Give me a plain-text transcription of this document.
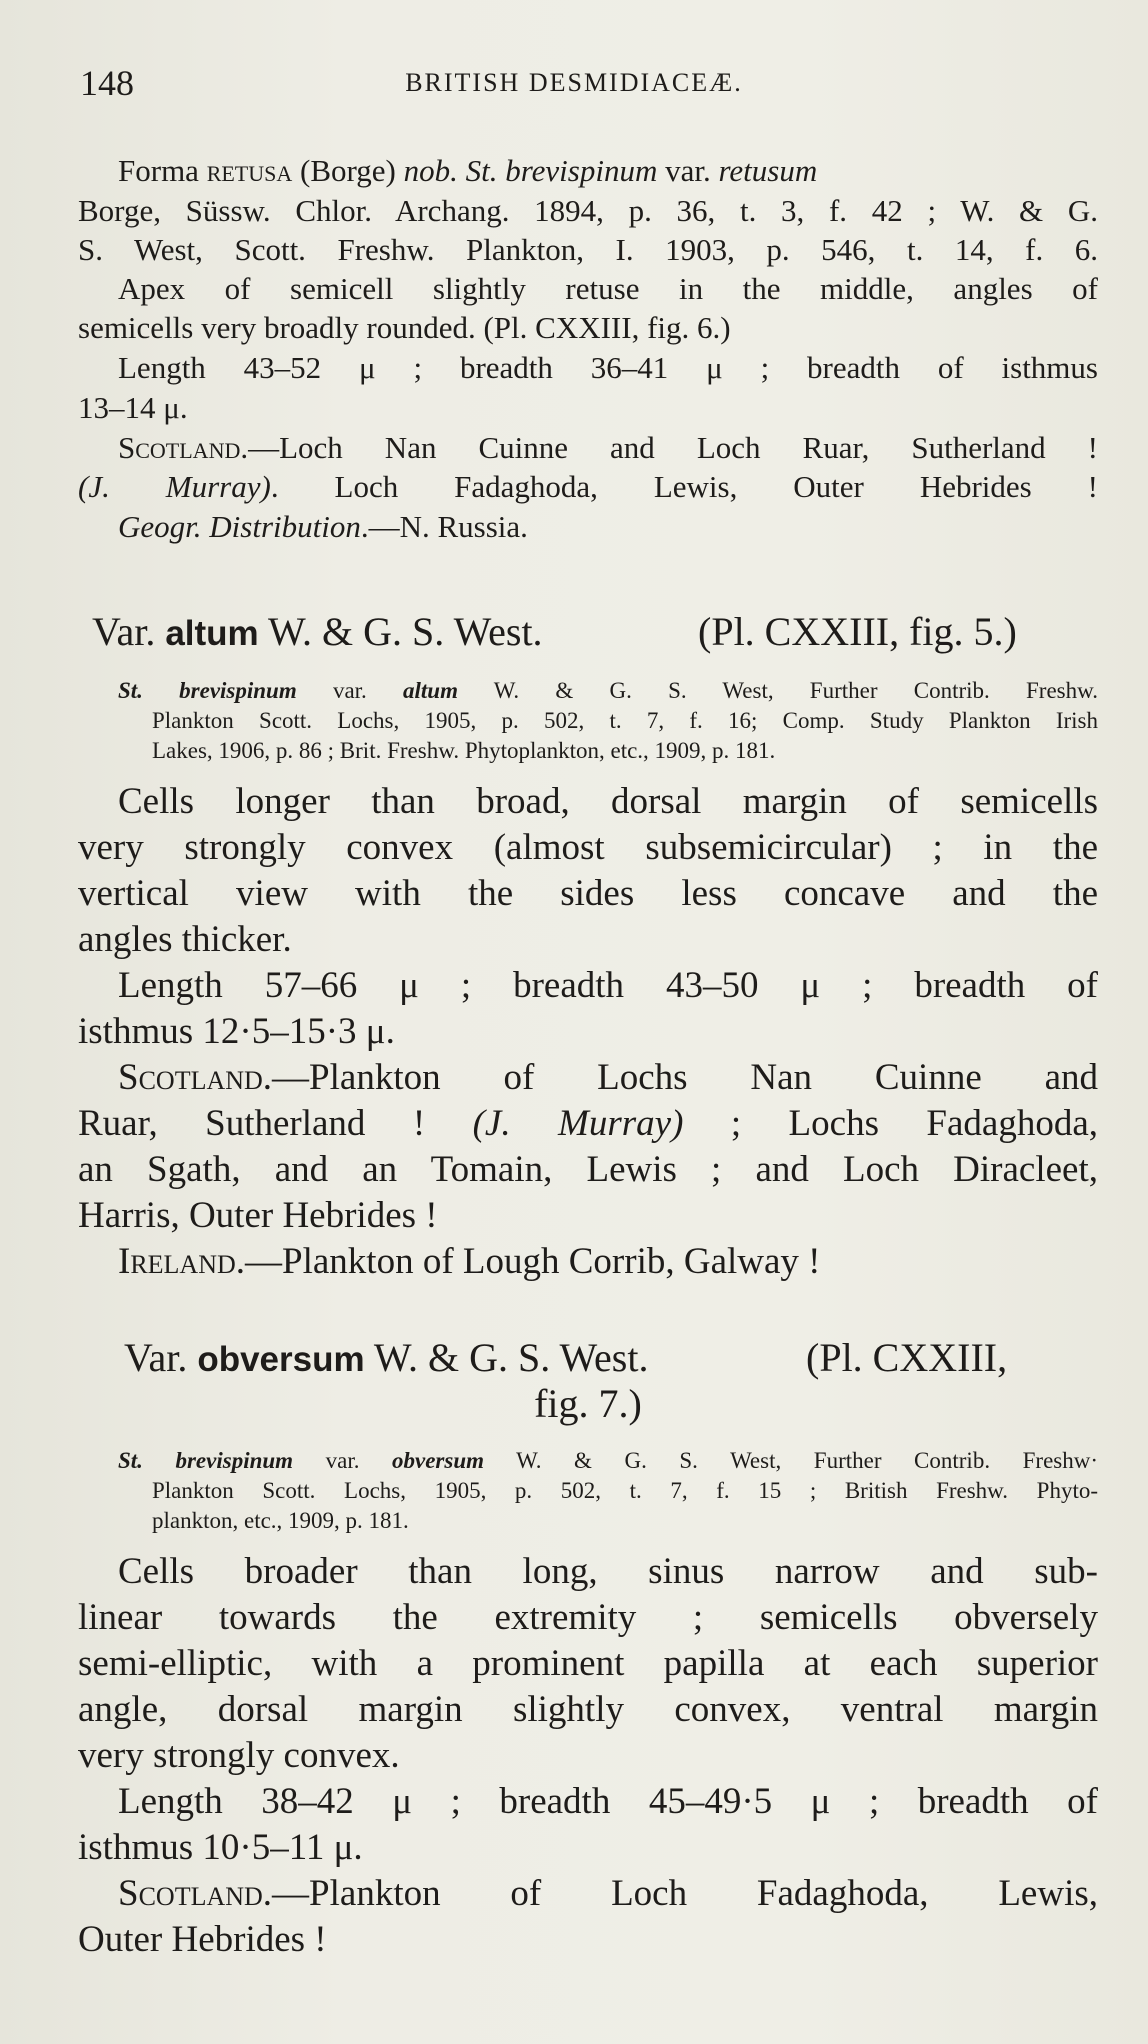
148	BRITISH DESMIDIACEÆ.
Forma retusa (Borge) nob. St. brevispinum var. retusum
Borge, Süssw. Chlor. Archang. 1894, p. 36, t. 3, f. 42 ; W. & G.
S. West, Scott. Freshw. Plankton, I. 1903, p. 546, t. 14, f. 6.
Apex of semicell slightly retuse in the middle, angles of
semicells very broadly rounded. (Pl. CXXIII, fig. 6.)
Length 43–52 μ ; breadth 36–41 μ ; breadth of isthmus
13–14 μ.
Scotland.—Loch Nan Cuinne and Loch Ruar, Sutherland !
(J. Murray). Loch Fadaghoda, Lewis, Outer Hebrides !
Geogr. Distribution.—N. Russia.
Var. altum W. & G. S. West.	(Pl. CXXIII, fig. 5.)
St. brevispinum var. altum W. & G. S. West, Further Contrib. Freshw.
Plankton Scott. Lochs, 1905, p. 502, t. 7, f. 16; Comp. Study Plankton Irish
Lakes, 1906, p. 86 ; Brit. Freshw. Phytoplankton, etc., 1909, p. 181.
Cells longer than broad, dorsal margin of semicells
very strongly convex (almost subsemicircular) ; in the
vertical view with the sides less concave and the
angles thicker.
Length 57–66 μ ; breadth 43–50 μ ; breadth of
isthmus 12·5–15·3 μ.
Scotland.—Plankton of Lochs Nan Cuinne and
Ruar, Sutherland ! (J. Murray) ; Lochs Fadaghoda,
an Sgath, and an Tomain, Lewis ; and Loch Diracleet,
Harris, Outer Hebrides !
Ireland.—Plankton of Lough Corrib, Galway !
Var. obversum W. & G. S. West.	(Pl. CXXIII,
fig. 7.)
St. brevispinum var. obversum W. & G. S. West, Further Contrib. Freshw·
Plankton Scott. Lochs, 1905, p. 502, t. 7, f. 15 ; British Freshw. Phyto-
plankton, etc., 1909, p. 181.
Cells broader than long, sinus narrow and sub-
linear towards the extremity ; semicells obversely
semi-elliptic, with a prominent papilla at each superior
angle, dorsal margin slightly convex, ventral margin
very strongly convex.
Length 38–42 μ ; breadth 45–49·5 μ ; breadth of
isthmus 10·5–11 μ.
Scotland.—Plankton of Loch Fadaghoda, Lewis,
Outer Hebrides !
